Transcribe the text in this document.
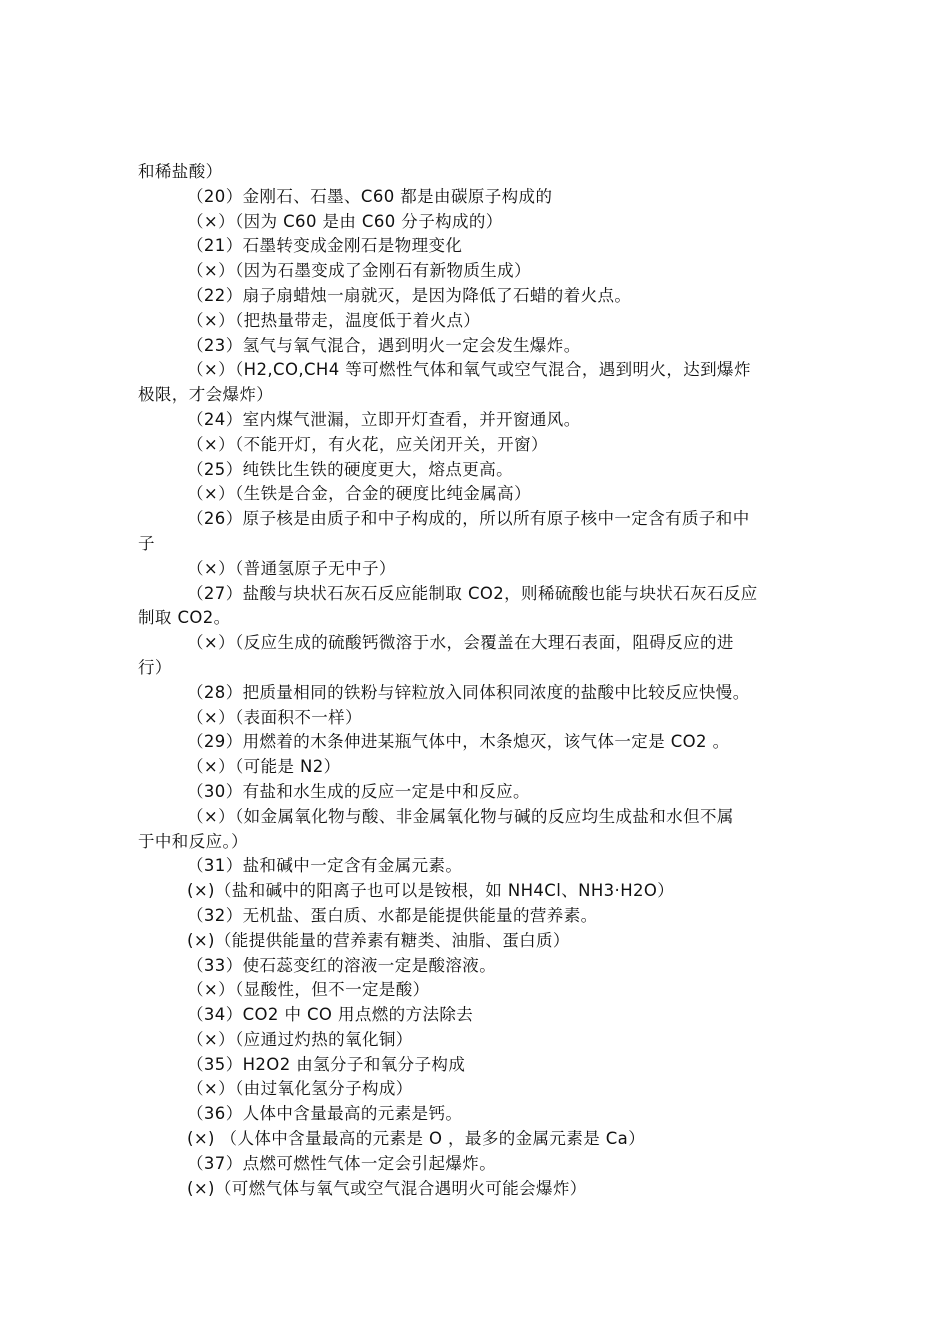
和稀盐酸）
（20）金刚石、石墨、C60 都是由碳原子构成的
（×）（因为 C60 是由 C60 分子构成的）
（21）石墨转变成金刚石是物理变化
（×）（因为石墨变成了金刚石有新物质生成）
（22）扇子扇蜡烛一扇就灭，是因为降低了石蜡的着火点。
（×）（把热量带走，温度低于着火点）
（23）氢气与氧气混合，遇到明火一定会发生爆炸。
（×）（H2,CO,CH4 等可燃性气体和氧气或空气混合，遇到明火，达到爆炸
极限，才会爆炸）
（24）室内煤气泄漏，立即开灯查看，并开窗通风。
（×）（不能开灯，有火花，应关闭开关，开窗）
（25）纯铁比生铁的硬度更大，熔点更高。
（×）（生铁是合金，合金的硬度比纯金属高）
（26）原子核是由质子和中子构成的，所以所有原子核中一定含有质子和中
子
（×）（普通氢原子无中子）
（27）盐酸与块状石灰石反应能制取 CO2，则稀硫酸也能与块状石灰石反应
制取 CO2。
（×）（反应生成的硫酸钙微溶于水，会覆盖在大理石表面，阻碍反应的进
行）
（28）把质量相同的铁粉与锌粒放入同体积同浓度的盐酸中比较反应快慢。
（×）（表面积不一样）
（29）用燃着的木条伸进某瓶气体中，木条熄灭，该气体一定是 CO2 。
（×）（可能是 N2）
（30）有盐和水生成的反应一定是中和反应。
（×）（如金属氧化物与酸、非金属氧化物与碱的反应均生成盐和水但不属
于中和反应。）
（31）盐和碱中一定含有金属元素。
(×)（盐和碱中的阳离子也可以是铵根，如 NH4Cl、NH3·H2O）
（32）无机盐、蛋白质、水都是能提供能量的营养素。
(×)（能提供能量的营养素有糖类、油脂、蛋白质）
（33）使石蕊变红的溶液一定是酸溶液。
（×）（显酸性，但不一定是酸）
（34）CO2 中 CO 用点燃的方法除去
（×）（应通过灼热的氧化铜）
（35）H2O2 由氢分子和氧分子构成
（×）（由过氧化氢分子构成）
（36）人体中含量最高的元素是钙。
(×) （人体中含量最高的元素是 O ，最多的金属元素是 Ca）
（37）点燃可燃性气体一定会引起爆炸。
(×)（可燃气体与氧气或空气混合遇明火可能会爆炸）
